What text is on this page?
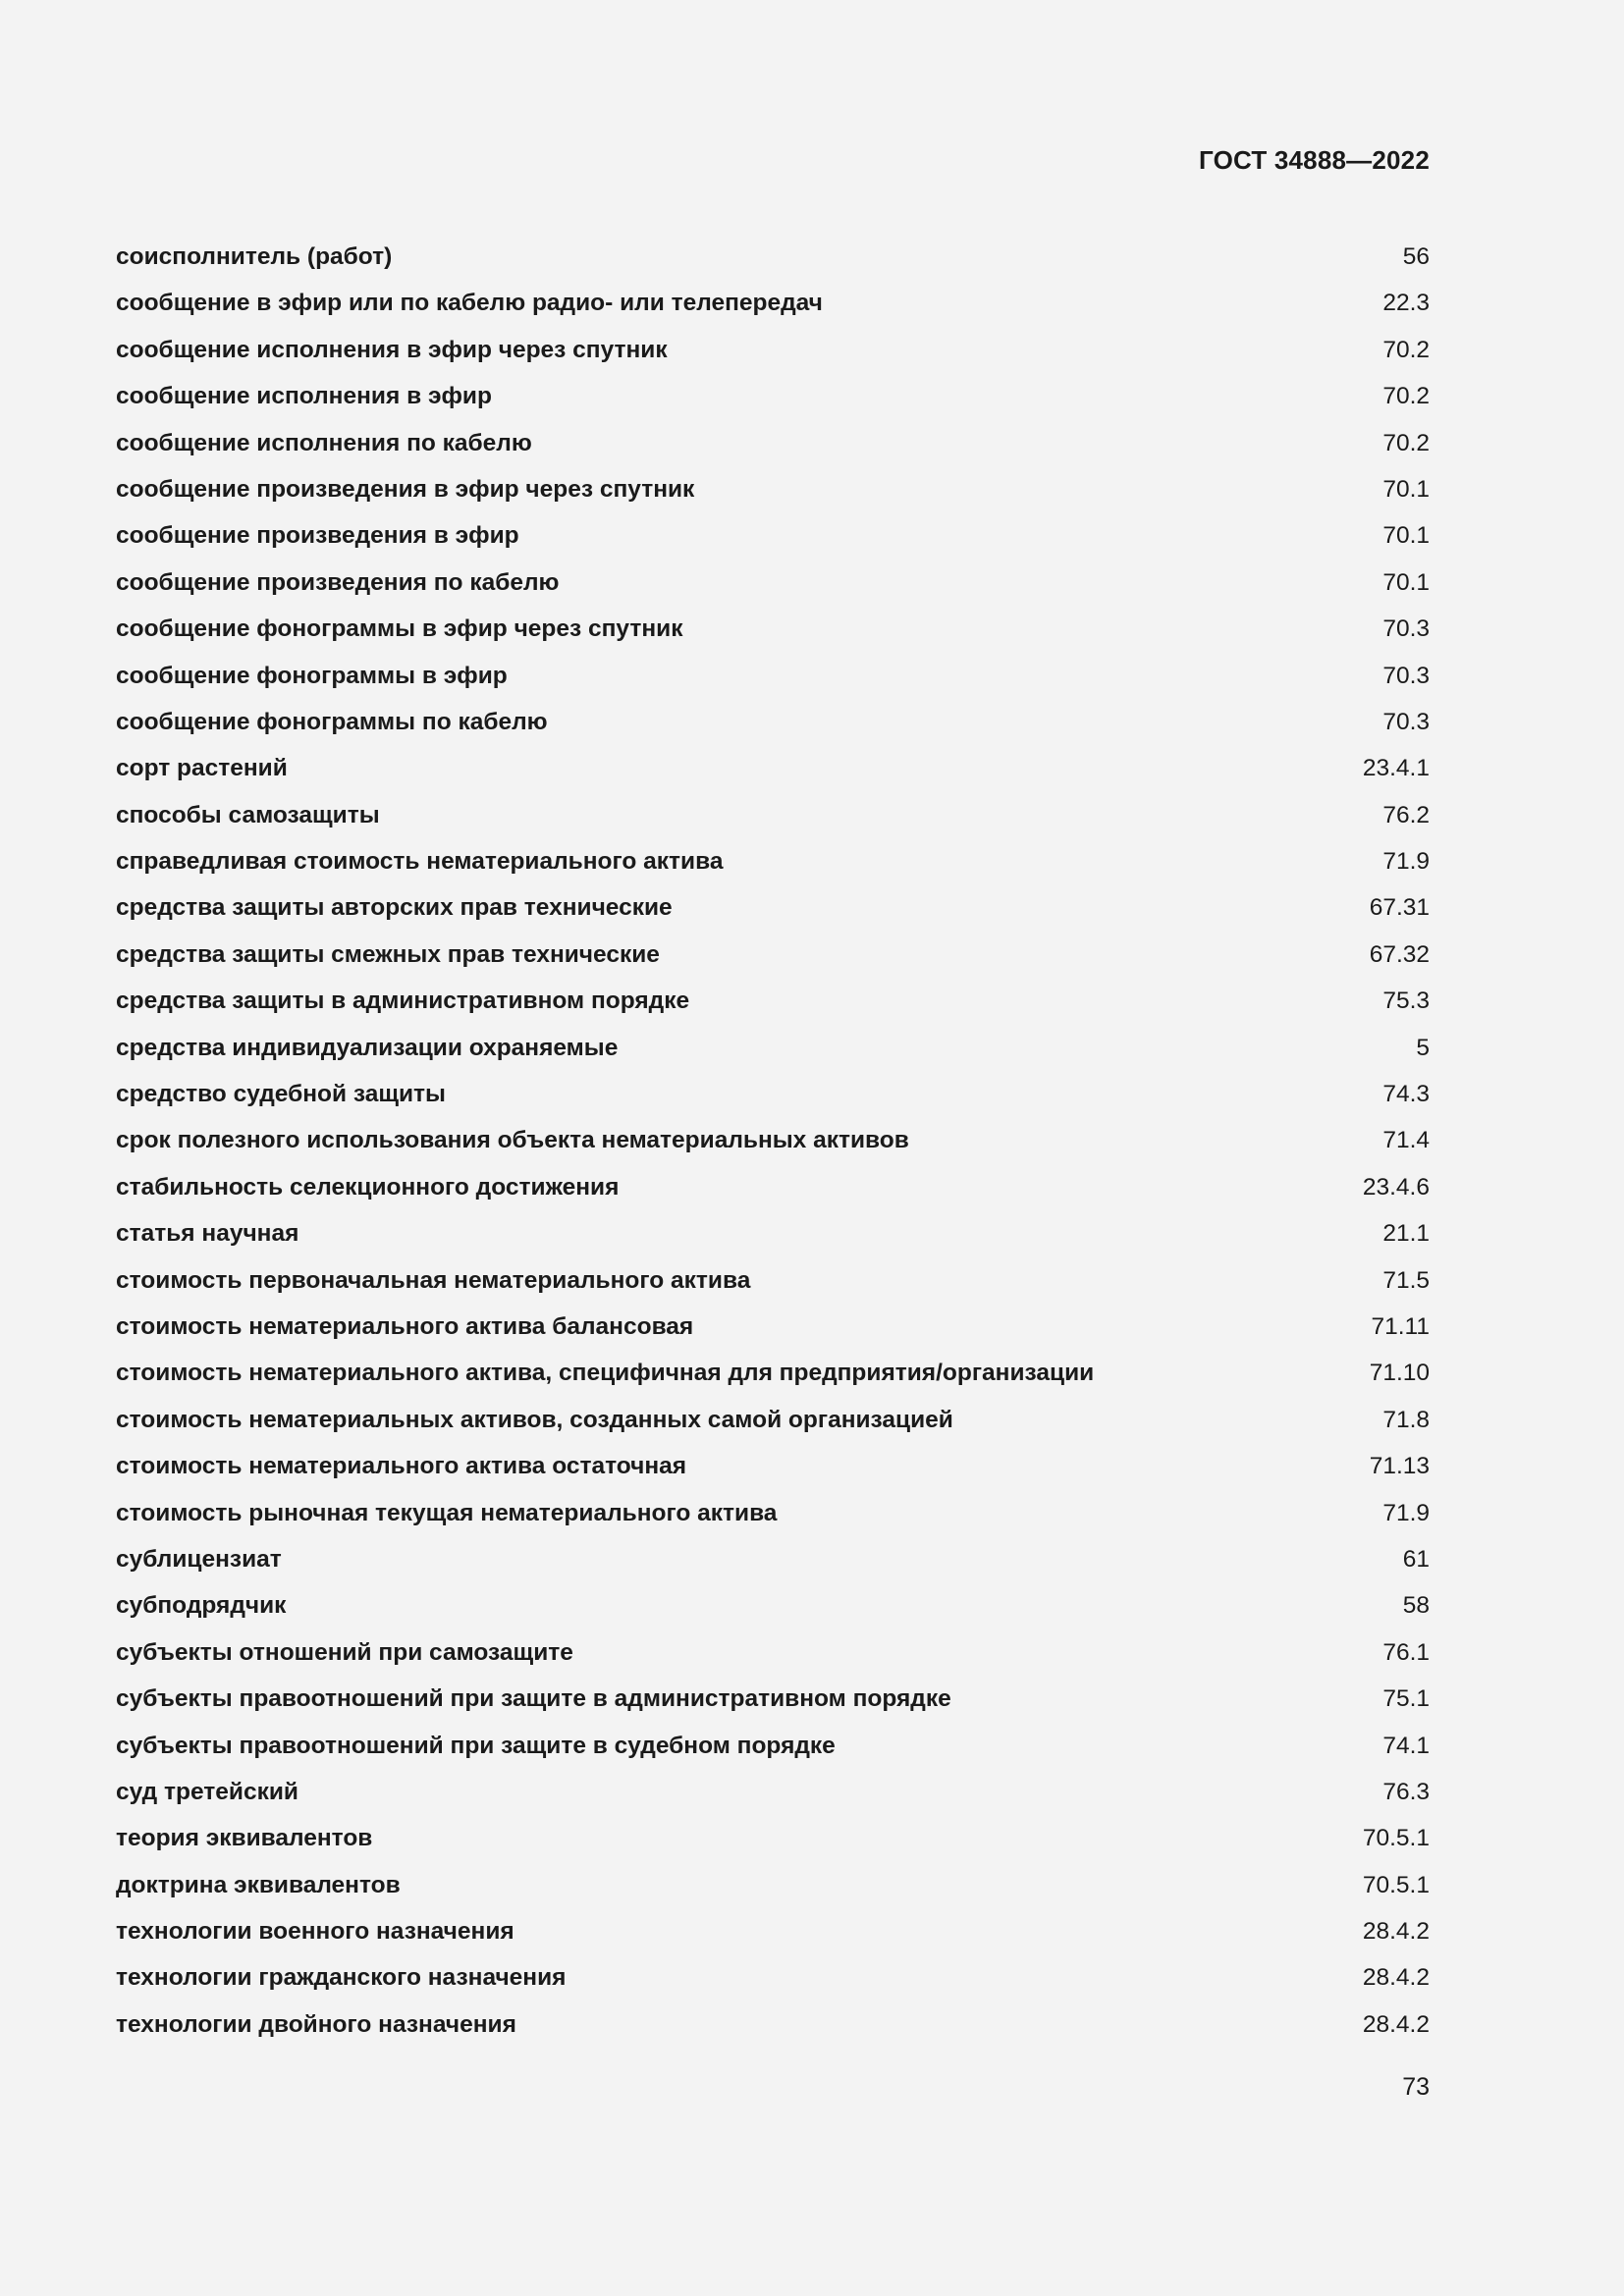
ГОСТ 34888—2022
соисполнитель (работ)	56
сообщение в эфир или по кабелю радио- или телепередач	22.3
сообщение исполнения в эфир через спутник	70.2
сообщение исполнения в эфир	70.2
сообщение исполнения по кабелю	70.2
сообщение произведения в эфир через спутник	70.1
сообщение произведения в эфир	70.1
сообщение произведения по кабелю	70.1
сообщение фонограммы в эфир через спутник	70.3
сообщение фонограммы в эфир	70.3
сообщение фонограммы по кабелю	70.3
сорт растений	23.4.1
способы самозащиты	76.2
справедливая стоимость нематериального актива	71.9
средства защиты авторских прав технические	67.31
средства защиты смежных прав технические	67.32
средства защиты в административном порядке	75.3
средства индивидуализации охраняемые	5
средство судебной защиты	74.3
срок полезного использования объекта нематериальных активов	71.4
стабильность селекционного достижения	23.4.6
статья научная	21.1
стоимость первоначальная нематериального актива	71.5
стоимость нематериального актива балансовая	71.11
стоимость нематериального актива, специфичная для предприятия/организации	71.10
стоимость нематериальных активов, созданных самой организацией	71.8
стоимость нематериального актива остаточная	71.13
стоимость рыночная текущая нематериального актива	71.9
сублицензиат	61
субподрядчик	58
субъекты отношений при самозащите	76.1
субъекты правоотношений при защите в административном порядке	75.1
субъекты правоотношений при защите в судебном порядке	74.1
суд третейский	76.3
теория эквивалентов	70.5.1
доктрина эквивалентов	70.5.1
технологии военного назначения	28.4.2
технологии гражданского назначения	28.4.2
технологии двойного назначения	28.4.2
73
